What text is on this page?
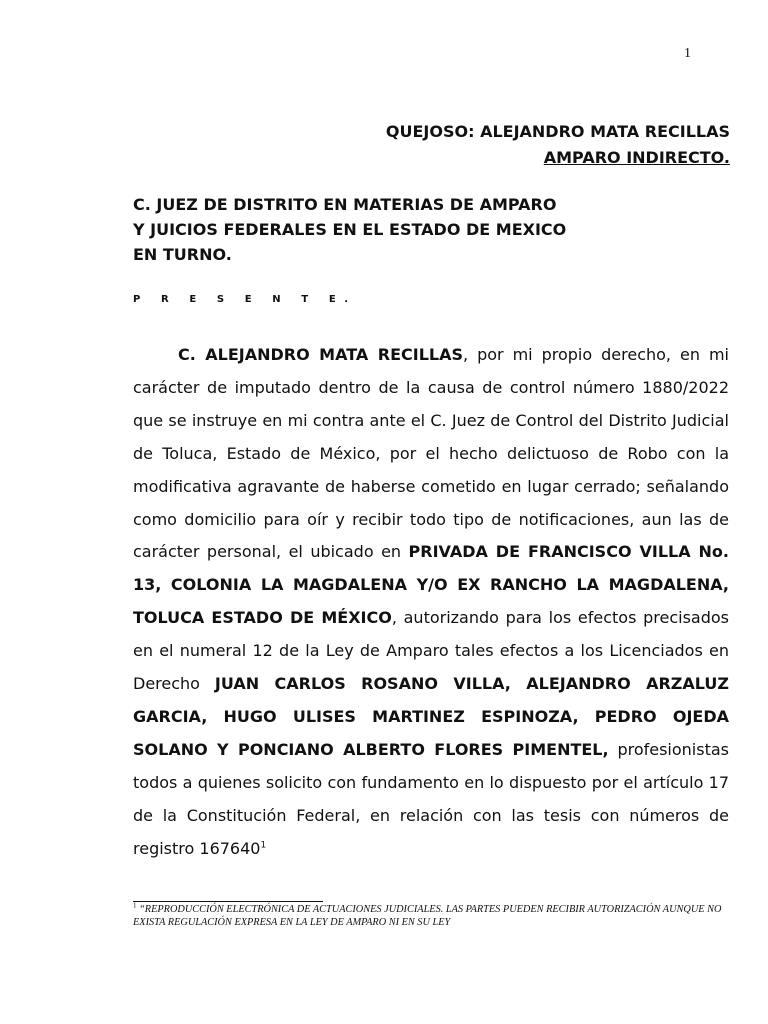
1
QUEJOSO: ALEJANDRO MATA RECILLAS
AMPARO INDIRECTO.
C. JUEZ DE DISTRITO EN MATERIAS DE AMPARO
Y JUICIOS FEDERALES EN EL ESTADO DE MEXICO
EN TURNO.
P R E S E N T E.
C. ALEJANDRO MATA RECILLAS, por mi propio derecho, en mi carácter de imputado dentro de la causa de control número 1880/2022 que se instruye en mi contra ante el C. Juez de Control del Distrito Judicial de Toluca, Estado de México, por el hecho delictuoso de Robo con la modificativa agravante de haberse cometido en lugar cerrado; señalando como domicilio para oír y recibir todo tipo de notificaciones, aun las de carácter personal, el ubicado en PRIVADA DE FRANCISCO VILLA No. 13, COLONIA LA MAGDALENA Y/O EX RANCHO LA MAGDALENA, TOLUCA ESTADO DE MÉXICO, autorizando para los efectos precisados en el numeral 12 de la Ley de Amparo tales efectos a los Licenciados en Derecho JUAN CARLOS ROSANO VILLA, ALEJANDRO ARZALUZ GARCIA, HUGO ULISES MARTINEZ ESPINOZA, PEDRO OJEDA SOLANO Y PONCIANO ALBERTO FLORES PIMENTEL, profesionistas todos a quienes solicito con fundamento en lo dispuesto por el artículo 17 de la Constitución Federal, en relación con las tesis con números de registro 167640$^1$
$^1$ “REPRODUCCIÓN ELECTRÓNICA DE ACTUACIONES JUDICIALES. LAS PARTES PUEDEN RECIBIR AUTORIZACIÓN AUNQUE NO EXISTA REGULACIÓN EXPRESA EN LA LEY DE AMPARO NI EN SU LEY
